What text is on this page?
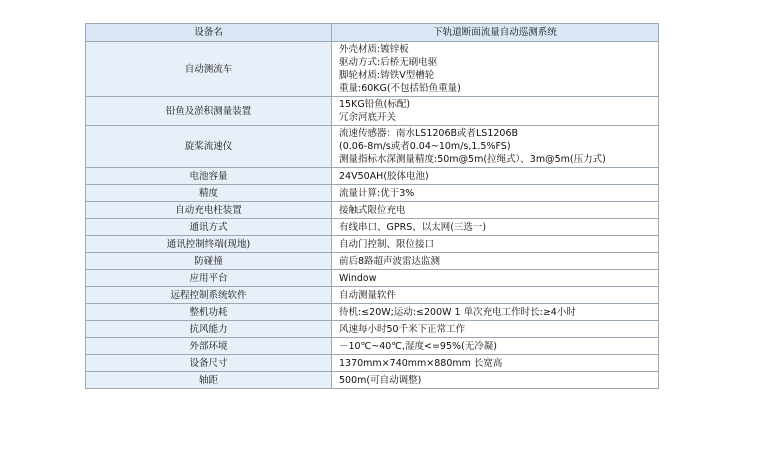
设备名	下轨道断面流量自动巡测系统
自动测流车	外壳材质:镀锌板
驱动方式:后桥无刷电驱
脚轮材质:铸铁V型槽轮
重量:60KG(不包括铅鱼重量)

铅鱼及淤积测量装置	15KG铅鱼(标配)
冗余河底开关

旋桨流速仪	流速传感器：南水LS1206B或者LS1206B
(0.06-8m/s或者0.04~10m/s,1.5%FS)
测量指标水深测量精度:50m@5m(拉绳式）、3m@5m(压力式)

电池容量	24V50AH(胶体电池)

精度	流量计算:优于3%

自动充电柱装置	接触式限位充电

通讯方式	有线串口、GPRS、以太网(三选一)

通讯控制终端(现地)	自动门控制、限位接口

防碰撞	前后8路超声波雷达监测

应用平台	Window

远程控制系统软件	自动测量软件

整机功耗	待机:≤20W;运动:≤200W 1 单次充电工作时长:≥4小时

抗风能力	风速每小时50千米下正常工作

外部环境	－10℃~40℃,湿度<=95%(无冷凝)

设备尺寸	1370mm×740mm×880mm 长宽高

轴距	500m(可自动调整)
